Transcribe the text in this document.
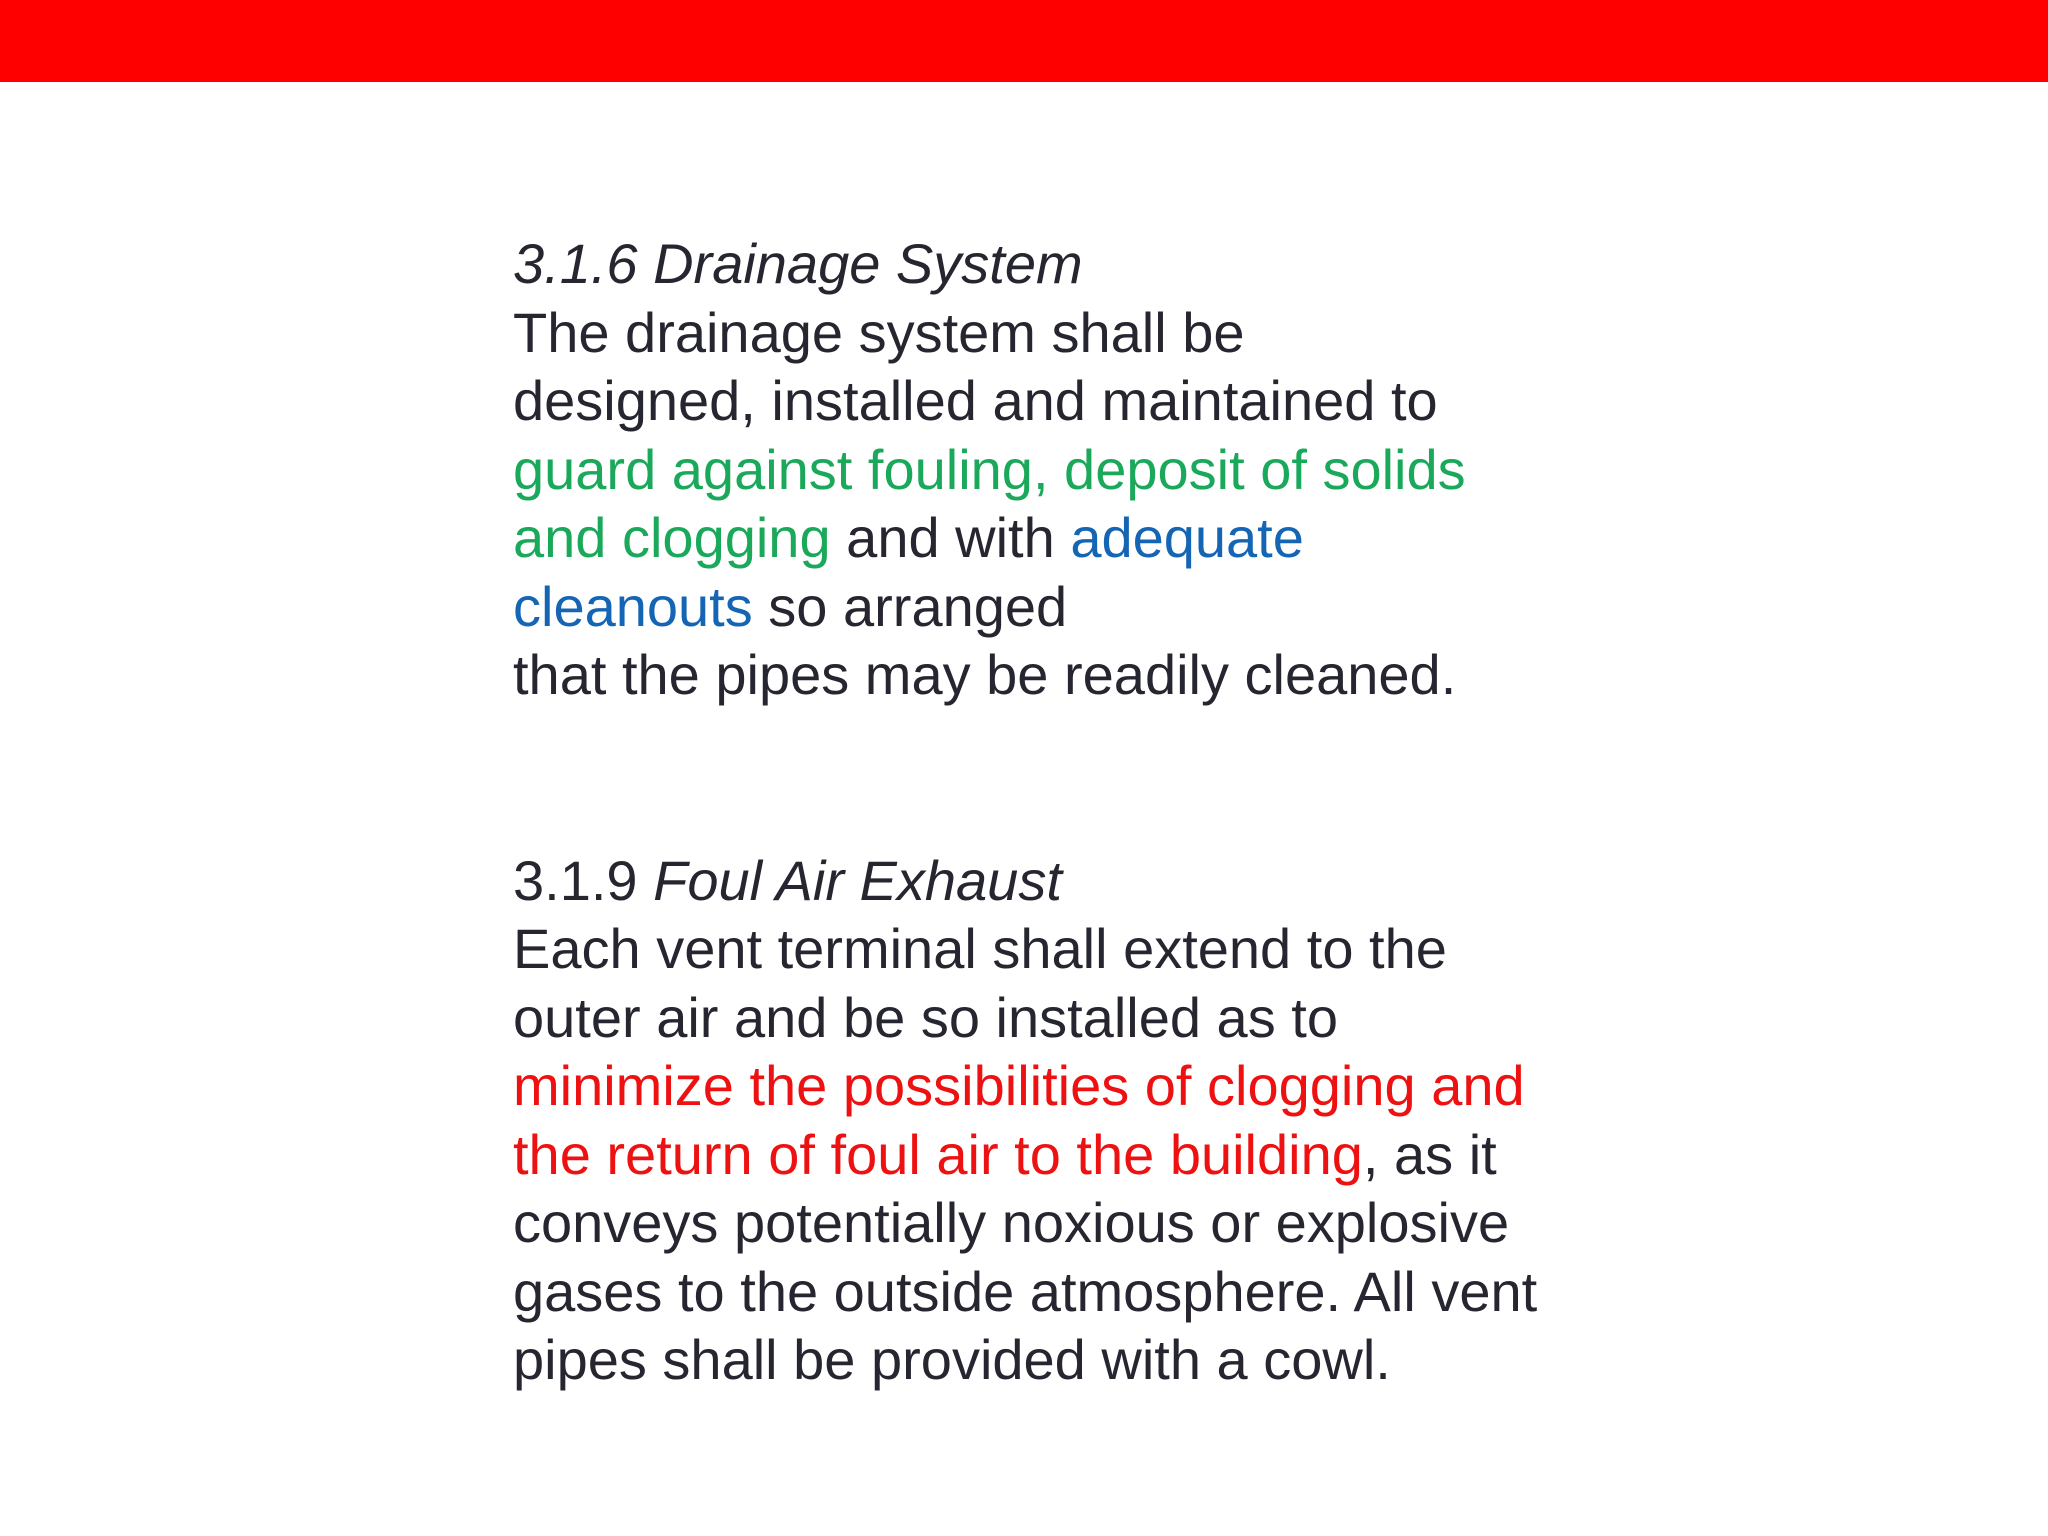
3.1.6 Drainage System
The drainage system shall be
designed, installed and maintained to
guard against fouling, deposit of solids
and clogging and with adequate
cleanouts so arranged
that the pipes may be readily cleaned.
3.1.9 Foul Air Exhaust
Each vent terminal shall extend to the
outer air and be so installed as to
minimize the possibilities of clogging and
the return of foul air to the building, as it
conveys potentially noxious or explosive
gases to the outside atmosphere. All vent
pipes shall be provided with a cowl.
